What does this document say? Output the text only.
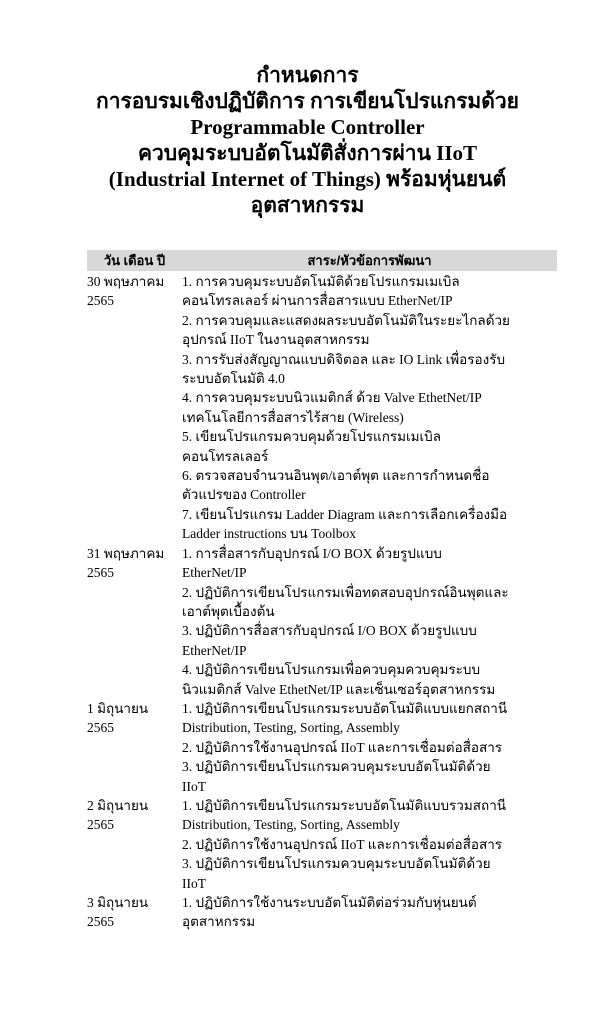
กำหนดการ
การอบรมเชิงปฏิบัติการ การเขียนโปรแกรมด้วย
Programmable Controller
ควบคุมระบบอัตโนมัติสั่งการผ่าน IIoT
(Industrial Internet of Things) พร้อมหุ่นยนต์
อุตสาหกรรม
วัน เดือน ปี	สาระ/หัวข้อการพัฒนา
30 พฤษภาคม
2565
1. การควบคุมระบบอัตโนมัติด้วยโปรแกรมเมเบิล
คอนโทรลเลอร์ ผ่านการสื่อสารแบบ EtherNet/IP
2. การควบคุมและแสดงผลระบบอัตโนมัติในระยะไกลด้วย
อุปกรณ์ IIoT ในงานอุตสาหกรรม
3. การรับส่งสัญญาณแบบดิจิตอล และ IO Link เพื่อรองรับ
ระบบอัตโนมัติ 4.0
4. การควบคุมระบบนิวแมติกส์ ด้วย Valve EthetNet/IP
เทคโนโลยีการสื่อสารไร้สาย (Wireless)
5. เขียนโปรแกรมควบคุมด้วยโปรแกรมเมเบิล
คอนโทรลเลอร์
6. ตรวจสอบจำนวนอินพุต/เอาต์พุต และการกำหนดชื่อ
ตัวแปรของ Controller
7. เขียนโปรแกรม Ladder Diagram และการเลือกเครื่องมือ
Ladder instructions บน Toolbox
31 พฤษภาคม
2565
1. การสื่อสารกับอุปกรณ์ I/O BOX ด้วยรูปแบบ
EtherNet/IP
2. ปฏิบัติการเขียนโปรแกรมเพื่อทดสอบอุปกรณ์อินพุตและ
เอาต์พุตเบื้องต้น
3. ปฏิบัติการสื่อสารกับอุปกรณ์ I/O BOX ด้วยรูปแบบ
EtherNet/IP
4. ปฏิบัติการเขียนโปรแกรมเพื่อควบคุมควบคุมระบบ
นิวแมติกส์ Valve EthetNet/IP และเซ็นเซอร์อุตสาหกรรม
1 มิถุนายน
2565
1. ปฏิบัติการเขียนโปรแกรมระบบอัตโนมัติแบบแยกสถานี
Distribution, Testing, Sorting, Assembly
2. ปฏิบัติการใช้งานอุปกรณ์ IIoT และการเชื่อมต่อสื่อสาร
3. ปฏิบัติการเขียนโปรแกรมควบคุมระบบอัตโนมัติด้วย
IIoT
2 มิถุนายน
2565
1. ปฏิบัติการเขียนโปรแกรมระบบอัตโนมัติแบบรวมสถานี
Distribution, Testing, Sorting, Assembly
2. ปฏิบัติการใช้งานอุปกรณ์ IIoT และการเชื่อมต่อสื่อสาร
3. ปฏิบัติการเขียนโปรแกรมควบคุมระบบอัตโนมัติด้วย
IIoT
3 มิถุนายน
2565
1. ปฏิบัติการใช้งานระบบอัตโนมัติต่อร่วมกับหุ่นยนต์
อุตสาหกรรม
